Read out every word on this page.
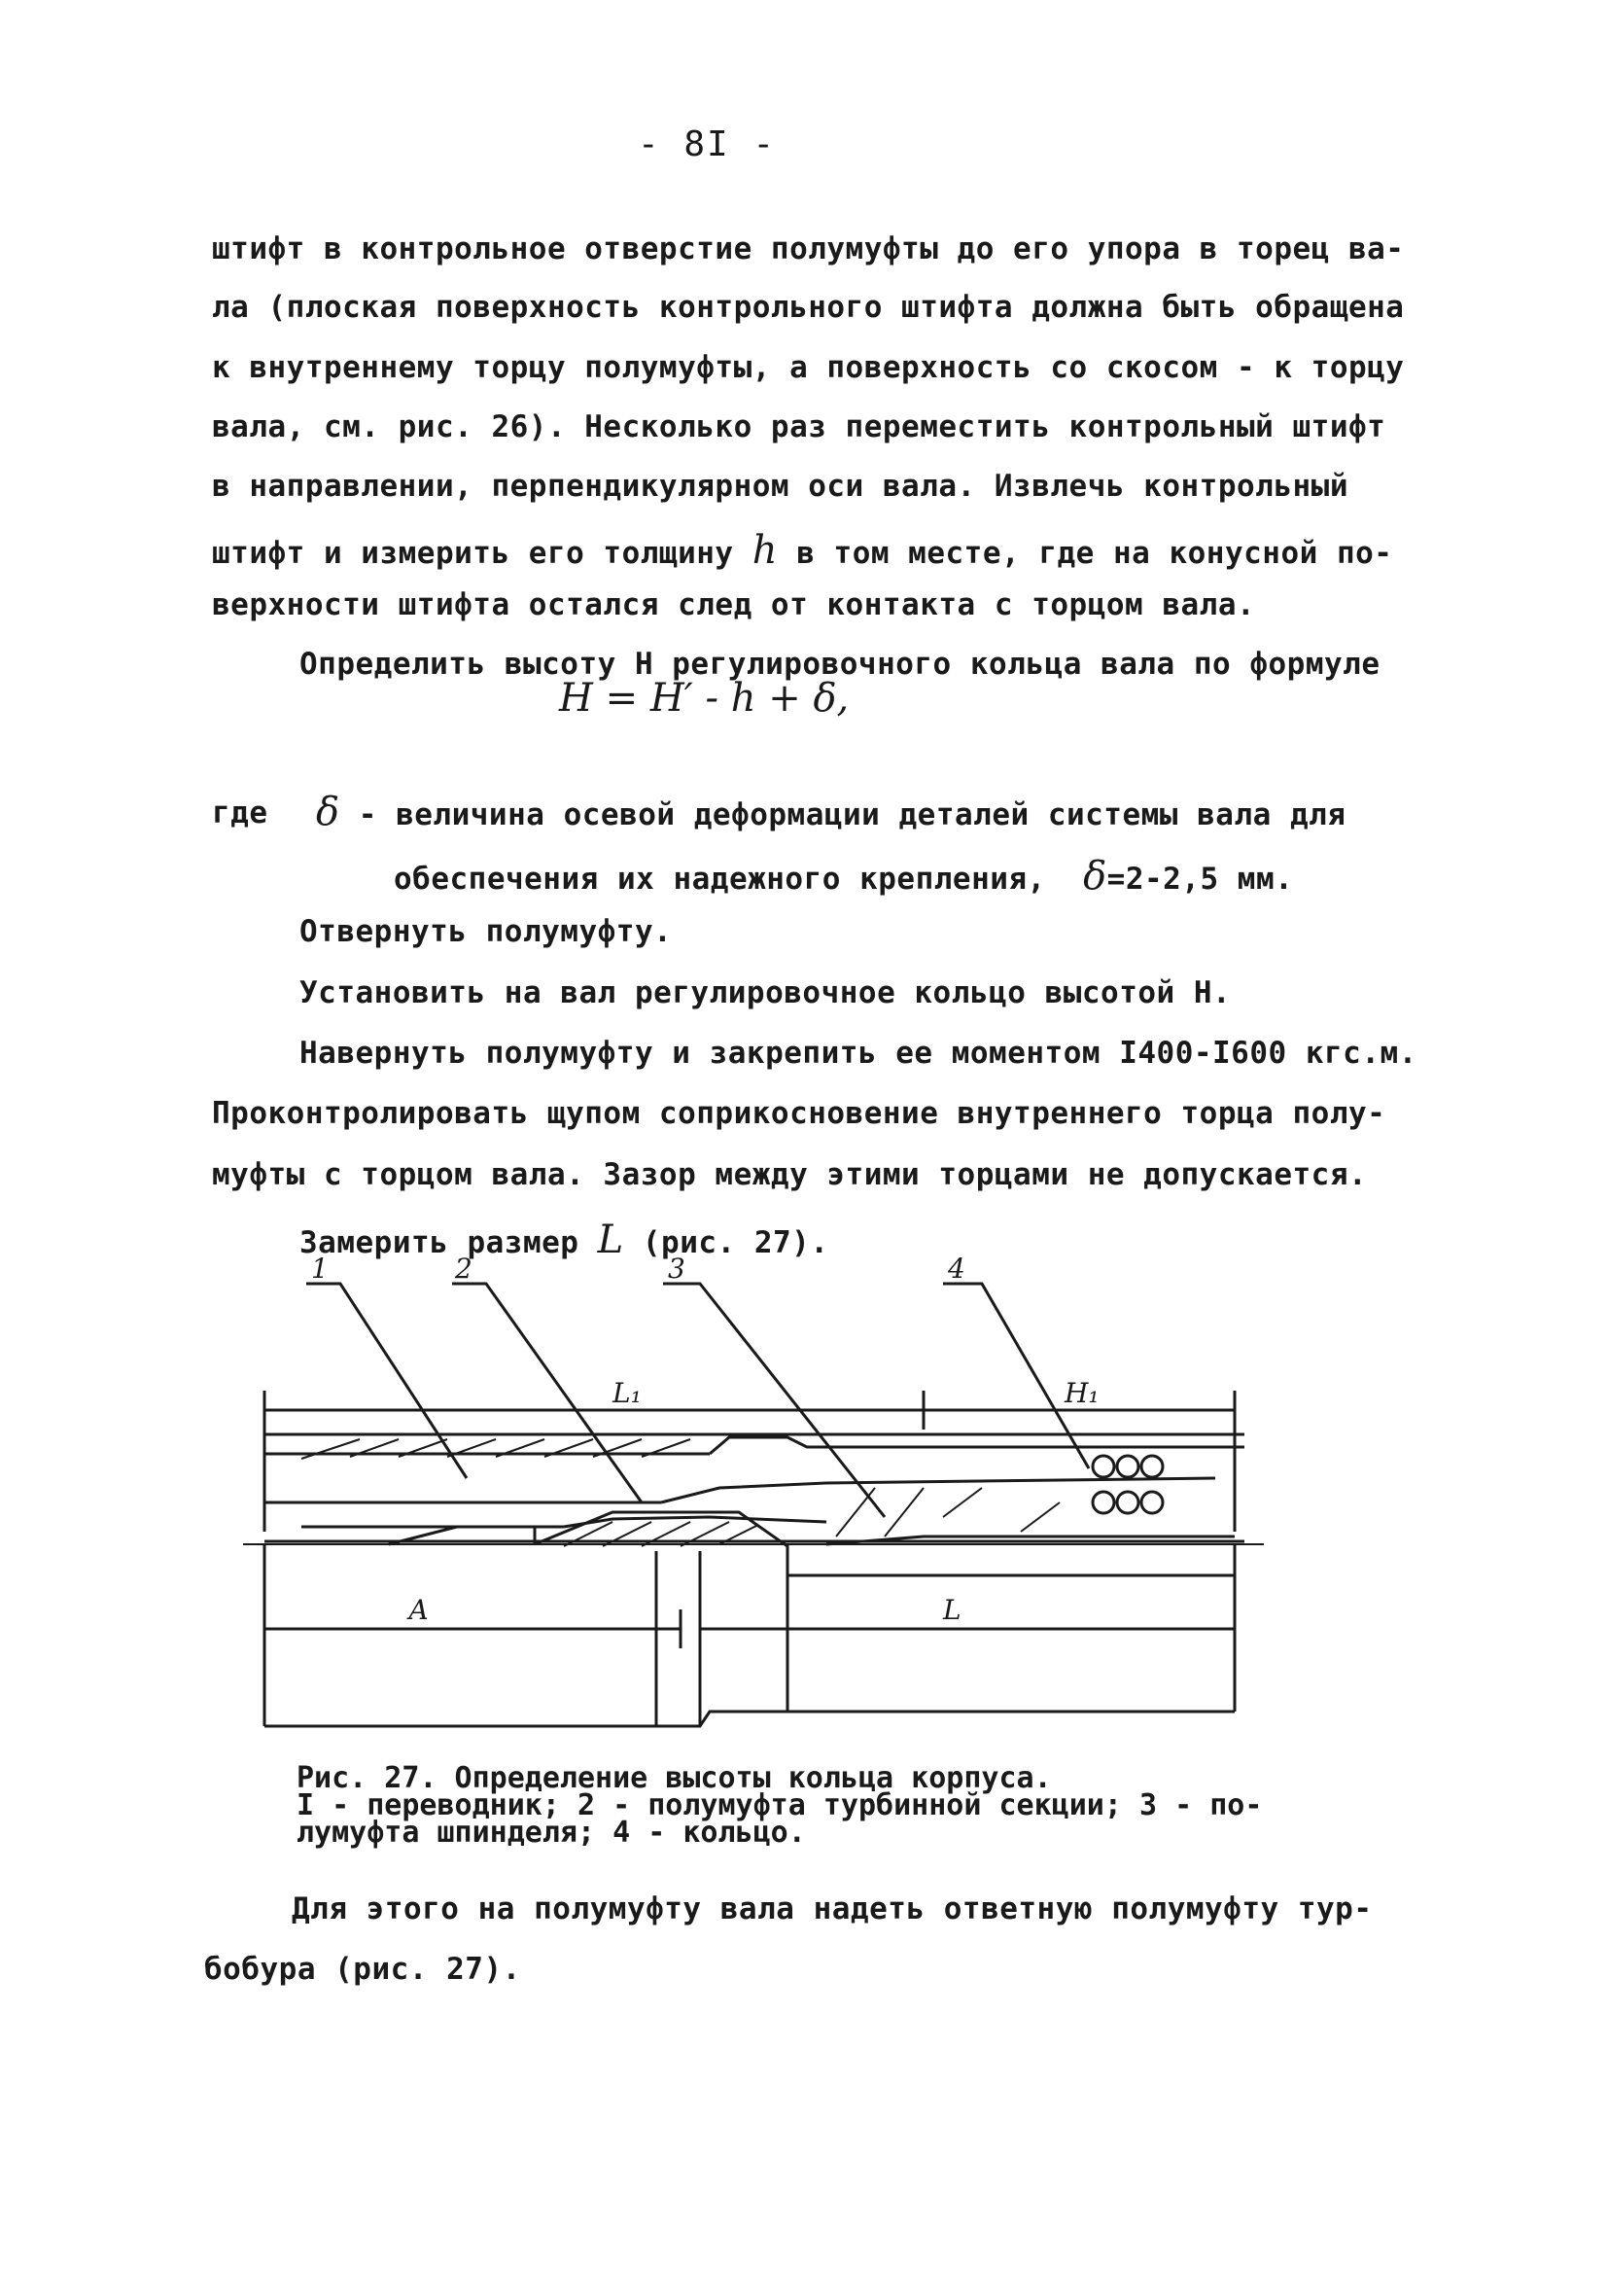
- 8I -
штифт в контрольное отверстие полумуфты до его упора в торец ва-
ла (плоская поверхность контрольного штифта должна быть обращена
к внутреннему торцу полумуфты, а поверхность со скосом - к торцу
вала, см. рис. 26). Несколько раз переместить контрольный штифт
в направлении, перпендикулярном оси вала. Извлечь контрольный
штифт и измерить его толщину h в том месте, где на конусной по-
верхности штифта остался след от контакта с торцом вала.
Определить высоту Н регулировочного кольца вала по формуле
H = H′ - h + δ,
где δ - величина осевой деформации деталей системы вала для
обеспечения их надежного крепления, δ=2-2,5 мм.
Отвернуть полумуфту.
Установить на вал регулировочное кольцо высотой Н.
Навернуть полумуфту и закрепить ее моментом I400-I600 кгс.м.
Проконтролировать щупом соприкосновение внутреннего торца полу-
муфты с торцом вала. Зазор между этими торцами не допускается.
Замерить размер L (рис. 27).
1	2	3	4
L₁	H₁
А	L
Рис. 27. Определение высоты кольца корпуса.
I - переводник; 2 - полумуфта турбинной секции; 3 - по-
лумуфта шпинделя; 4 - кольцо.
Для этого на полумуфту вала надеть ответную полумуфту тур-
бобура (рис. 27).
